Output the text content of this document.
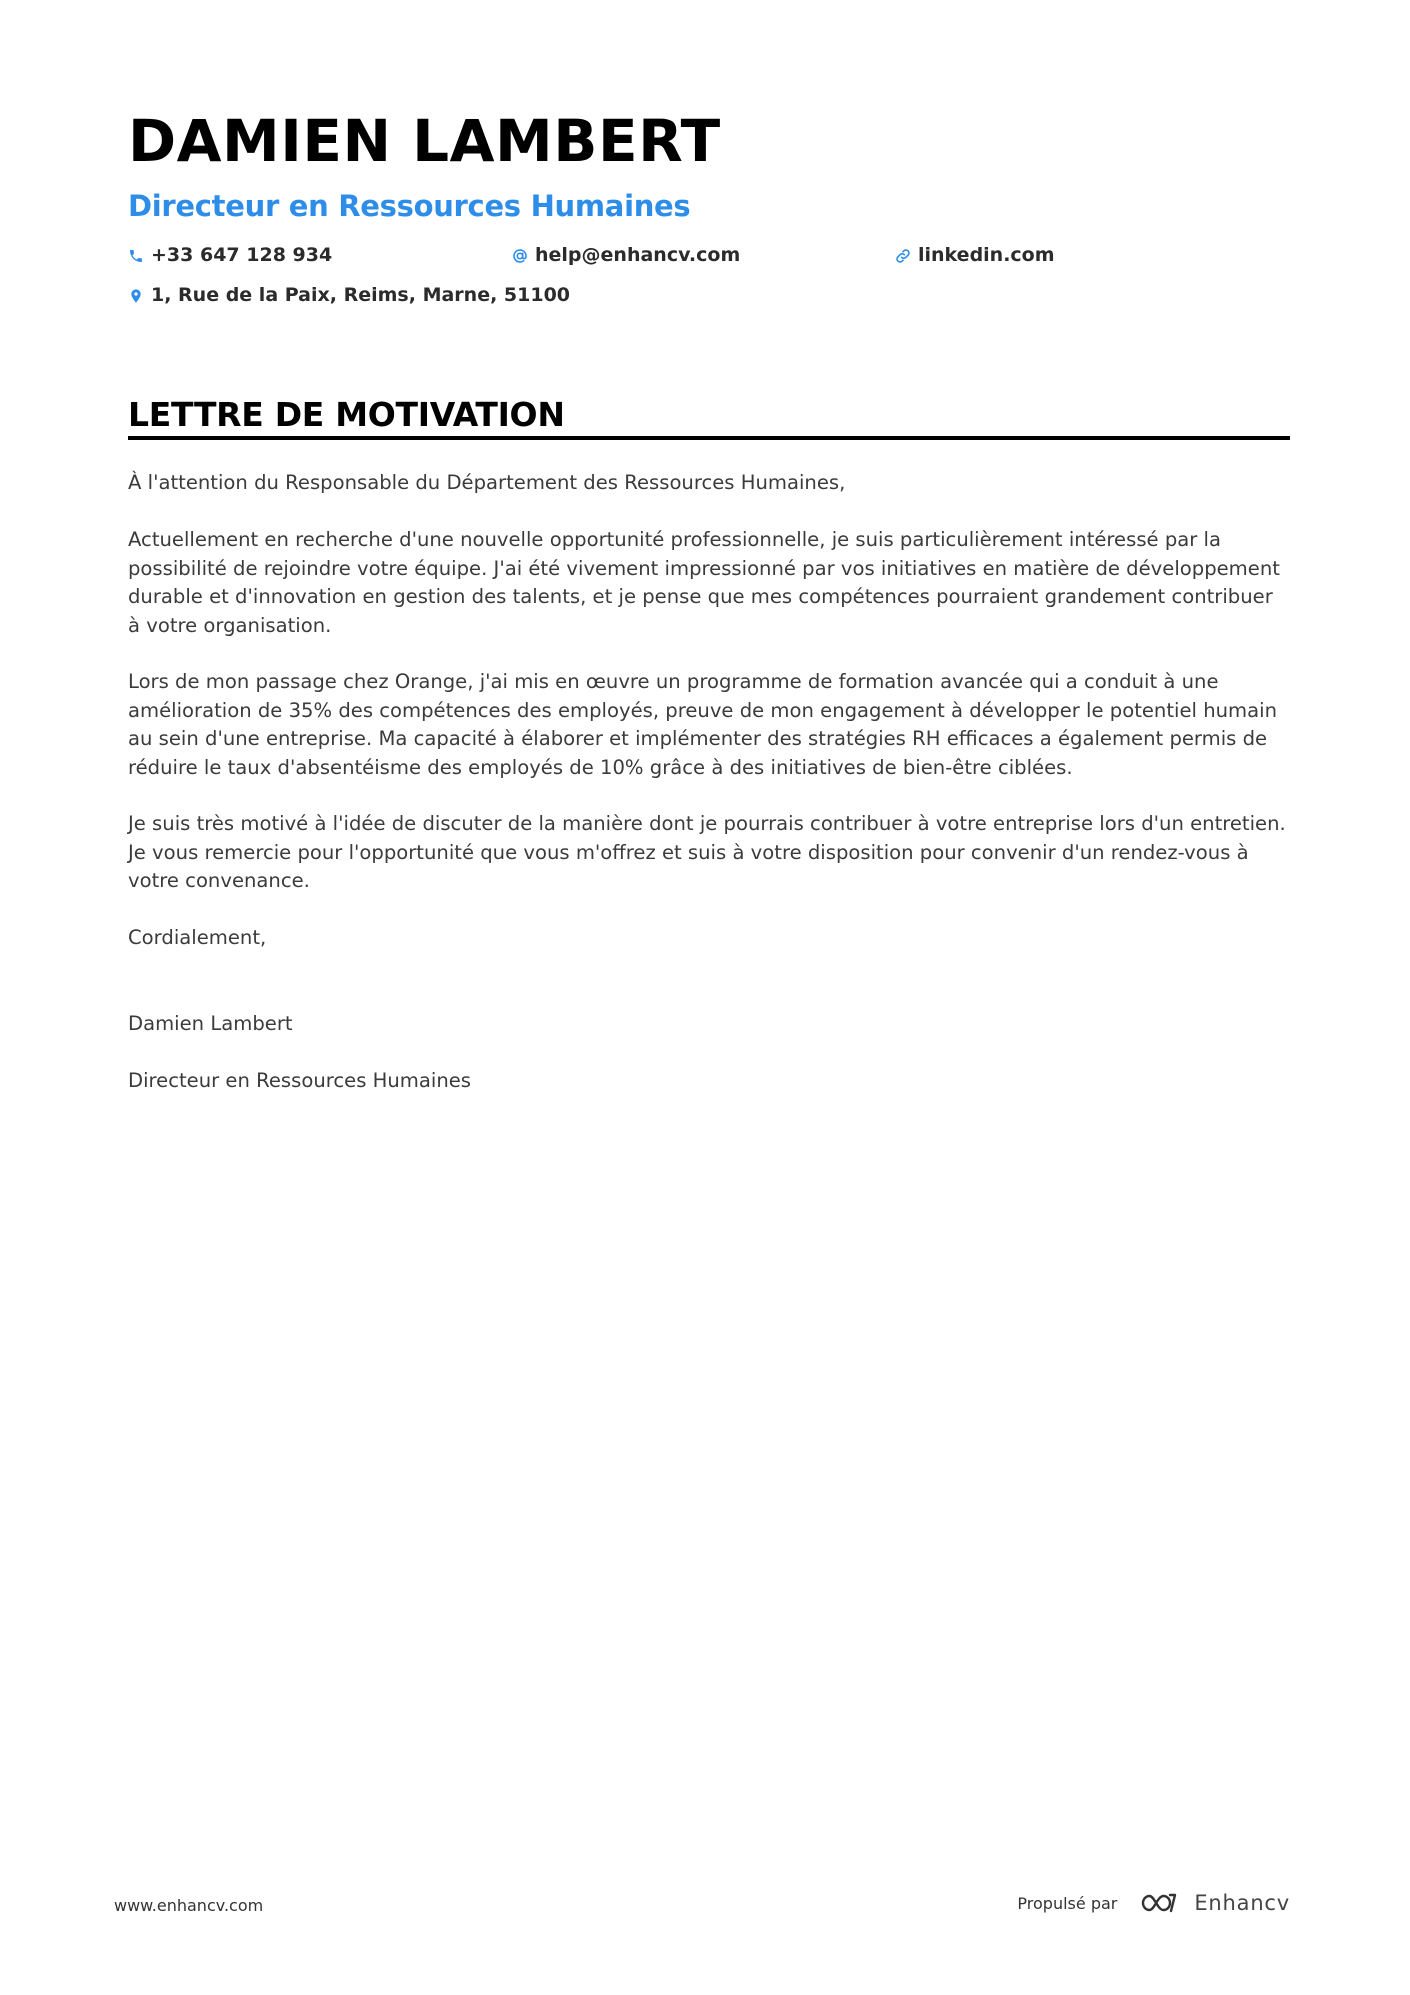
DAMIEN LAMBERT
Directeur en Ressources Humaines
+33 647 128 934	help@enhancv.com	linkedin.com
1, Rue de la Paix, Reims, Marne, 51100
LETTRE DE MOTIVATION

À l'attention du Responsable du Département des Ressources Humaines,

Actuellement en recherche d'une nouvelle opportunité professionnelle, je suis particulièrement intéressé par la possibilité de rejoindre votre équipe. J'ai été vivement impressionné par vos initiatives en matière de développement durable et d'innovation en gestion des talents, et je pense que mes compétences pourraient grandement contribuer à votre organisation.

Lors de mon passage chez Orange, j'ai mis en œuvre un programme de formation avancée qui a conduit à une amélioration de 35% des compétences des employés, preuve de mon engagement à développer le potentiel humain au sein d'une entreprise. Ma capacité à élaborer et implémenter des stratégies RH efficaces a également permis de réduire le taux d'absentéisme des employés de 10% grâce à des initiatives de bien-être ciblées.

Je suis très motivé à l'idée de discuter de la manière dont je pourrais contribuer à votre entreprise lors d'un entretien. Je vous remercie pour l'opportunité que vous m'offrez et suis à votre disposition pour convenir d'un rendez-vous à votre convenance.

Cordialement,

Damien Lambert

Directeur en Ressources Humaines

www.enhancv.com	Propulsé par	Enhancv
